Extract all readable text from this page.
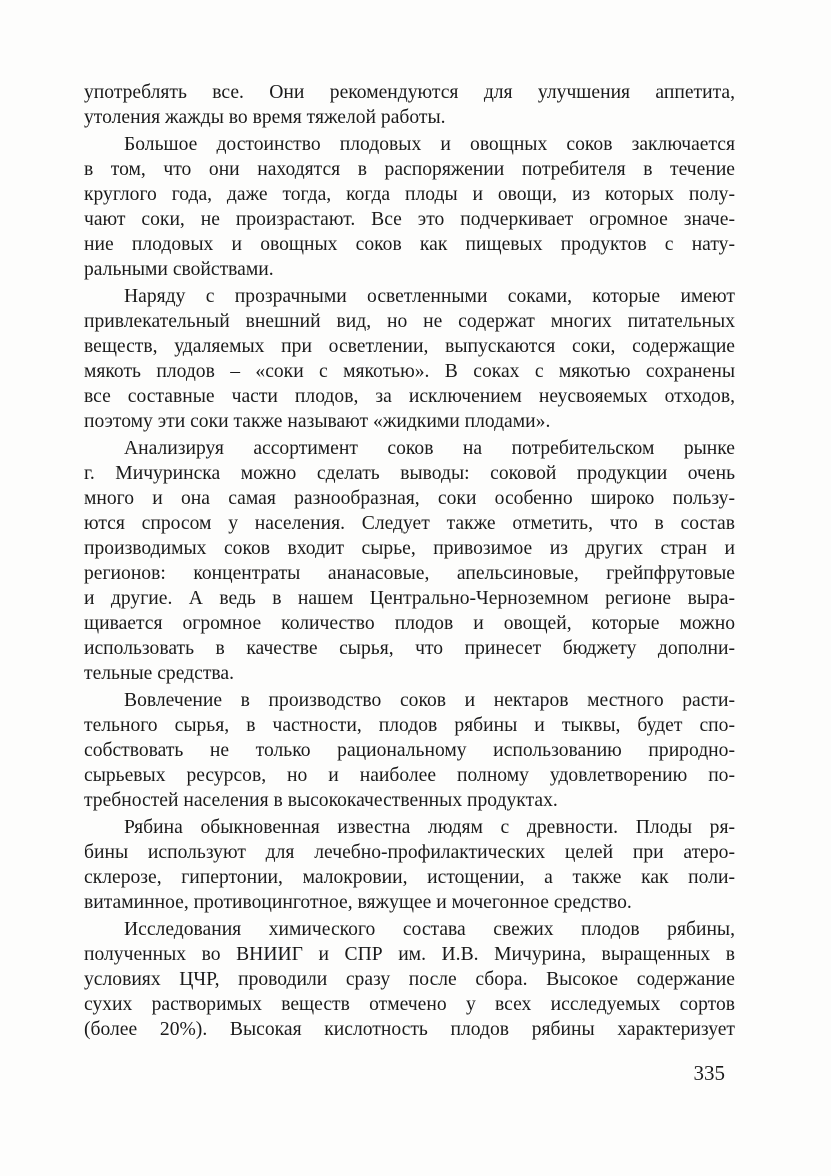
употреблять все. Они рекомендуются для улучшения аппетита,

утоления жажды во время тяжелой работы.

Большое достоинство плодовых и овощных соков заключается

в том, что они находятся в распоряжении потребителя в течение

круглого года, даже тогда, когда плоды и овощи, из которых полу-

чают соки, не произрастают. Все это подчеркивает огромное значе-

ние плодовых и овощных соков как пищевых продуктов с нату-

ральными свойствами.

Наряду с прозрачными осветленными соками, которые имеют

привлекательный внешний вид, но не содержат многих питательных

веществ, удаляемых при осветлении, выпускаются соки, содержащие

мякоть плодов – «соки с мякотью». В соках с мякотью сохранены

все составные части плодов, за исключением неусвояемых отходов,

поэтому эти соки также называют «жидкими плодами».

Анализируя ассортимент соков на потребительском рынке

г. Мичуринска можно сделать выводы: соковой продукции очень

много и она самая разнообразная, соки особенно широко пользу-

ются спросом у населения. Следует также отметить, что в состав

производимых соков входит сырье, привозимое из других стран и

регионов: концентраты ананасовые, апельсиновые, грейпфрутовые

и другие. А ведь в нашем Центрально-Черноземном регионе выра-

щивается огромное количество плодов и овощей, которые можно

использовать в качестве сырья, что принесет бюджету дополни-

тельные средства.

Вовлечение в производство соков и нектаров местного расти-

тельного сырья, в частности, плодов рябины и тыквы, будет спо-

собствовать не только рациональному использованию природно-

сырьевых ресурсов, но и наиболее полному удовлетворению по-

требностей населения в высококачественных продуктах.

Рябина обыкновенная известна людям с древности. Плоды ря-

бины используют для лечебно-профилактических целей при атеро-

склерозе, гипертонии, малокровии, истощении, а также как поли-

витаминное, противоцинготное, вяжущее и мочегонное средство.

Исследования химического состава свежих плодов рябины,

полученных во ВНИИГ и СПР им. И.В. Мичурина, выращенных в

условиях ЦЧР, проводили сразу после сбора. Высокое содержание

сухих растворимых веществ отмечено у всех исследуемых сортов

(более 20%). Высокая кислотность плодов рябины характеризует

335
